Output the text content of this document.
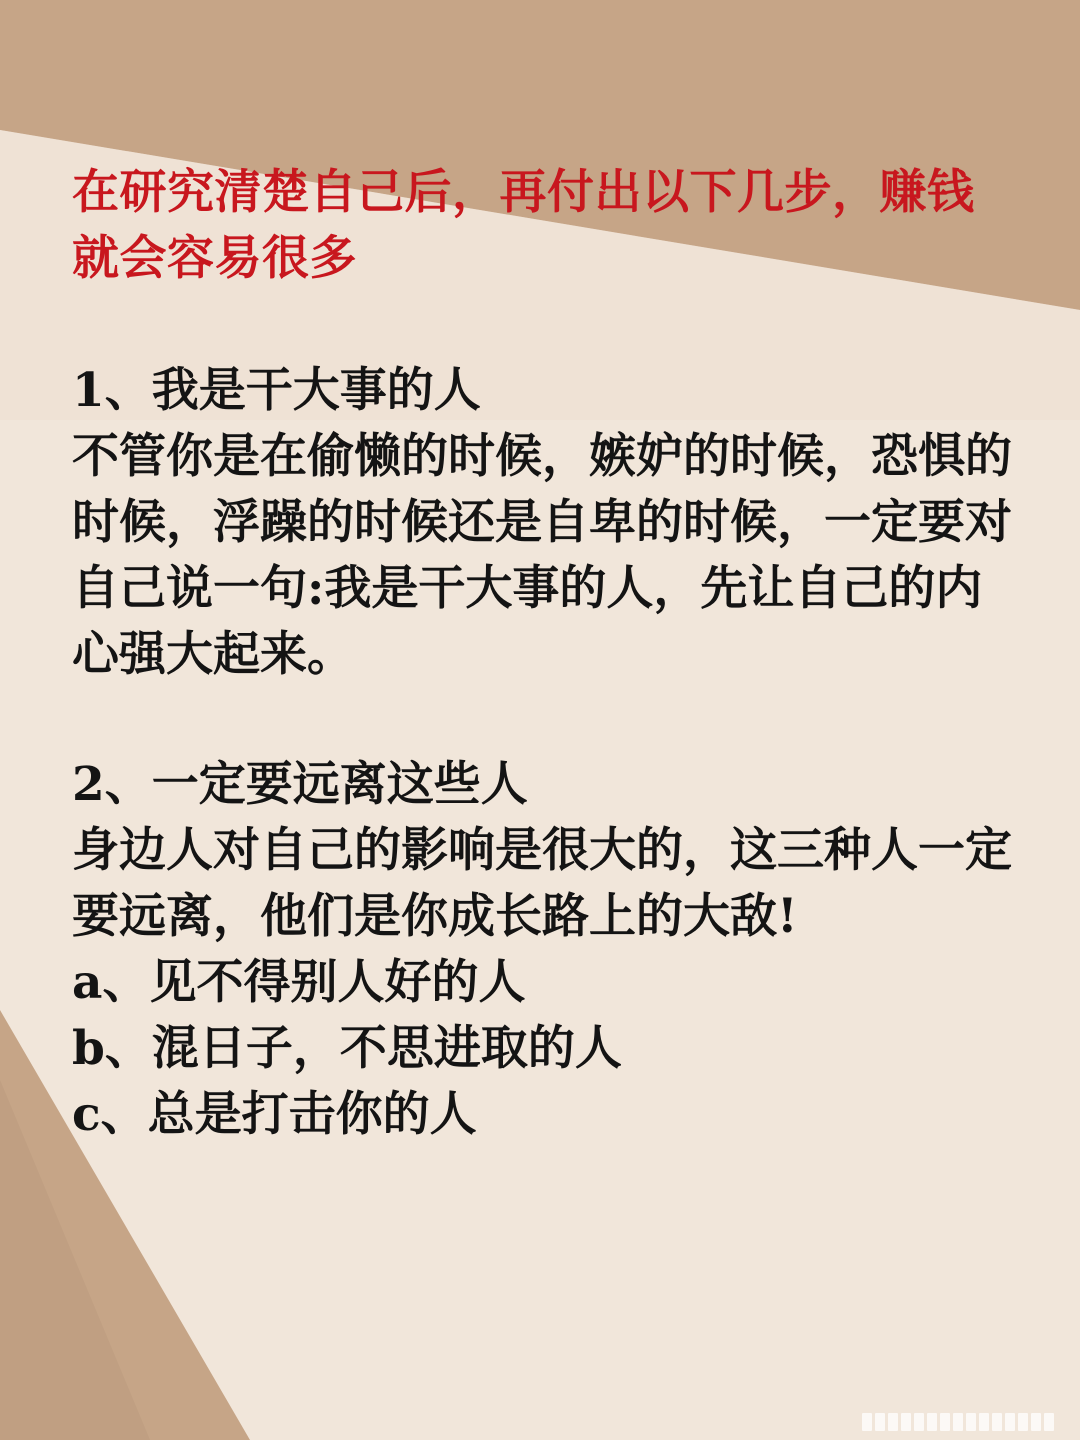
在研究清楚自己后，再付出以下几步，赚钱就会容易很多

1、我是干大事的人

不管你是在偷懒的时候，嫉妒的时候，恐惧的时候，浮躁的时候还是自卑的时候，一定要对自己说一句:我是干大事的人，先让自己的内心强大起来。

2、一定要远离这些人

身边人对自己的影响是很大的，这三种人一定要远离，他们是你成长路上的大敌!

a、见不得别人好的人

b、混日子，不思进取的人

c、总是打击你的人
